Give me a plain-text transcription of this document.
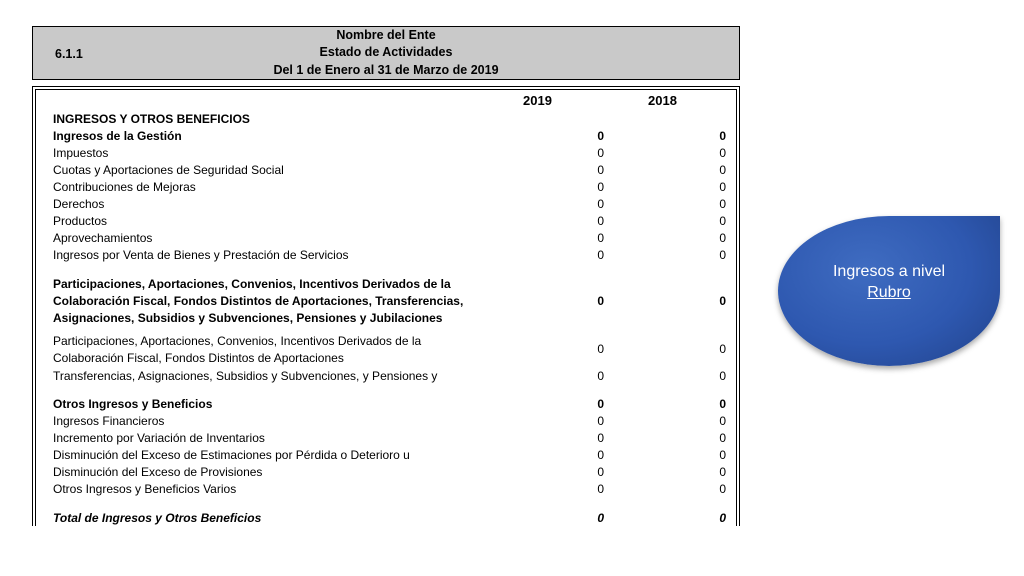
Nombre del Ente
6.1.1	Estado de Actividades
Del 1 de Enero al 31 de Marzo de 2019
2019	2018
INGRESOS Y OTROS BENEFICIOS
Ingresos de la Gestión	0	0
Impuestos	0	0
Cuotas y Aportaciones de Seguridad Social	0	0
Contribuciones de Mejoras	0	0
Derechos	0	0
Productos	0	0
Aprovechamientos	0	0
Ingresos por Venta de Bienes y Prestación de Servicios	0	0
Participaciones, Aportaciones, Convenios, Incentivos Derivados de la
Colaboración Fiscal, Fondos Distintos de Aportaciones, Transferencias,
Asignaciones, Subsidios y Subvenciones, Pensiones y Jubilaciones
0	0
Participaciones, Aportaciones, Convenios, Incentivos Derivados de la
Colaboración Fiscal, Fondos Distintos de Aportaciones
0	0
Transferencias, Asignaciones, Subsidios y Subvenciones, y Pensiones y	0	0
Otros Ingresos y Beneficios	0	0
Ingresos Financieros	0	0
Incremento por Variación de Inventarios	0	0
Disminución del Exceso de Estimaciones por Pérdida o Deterioro u	0	0
Disminución del Exceso de Provisiones	0	0
Otros Ingresos y Beneficios Varios	0	0
Total de Ingresos y Otros Beneficios	0	0
Ingresos a nivel
Rubro
